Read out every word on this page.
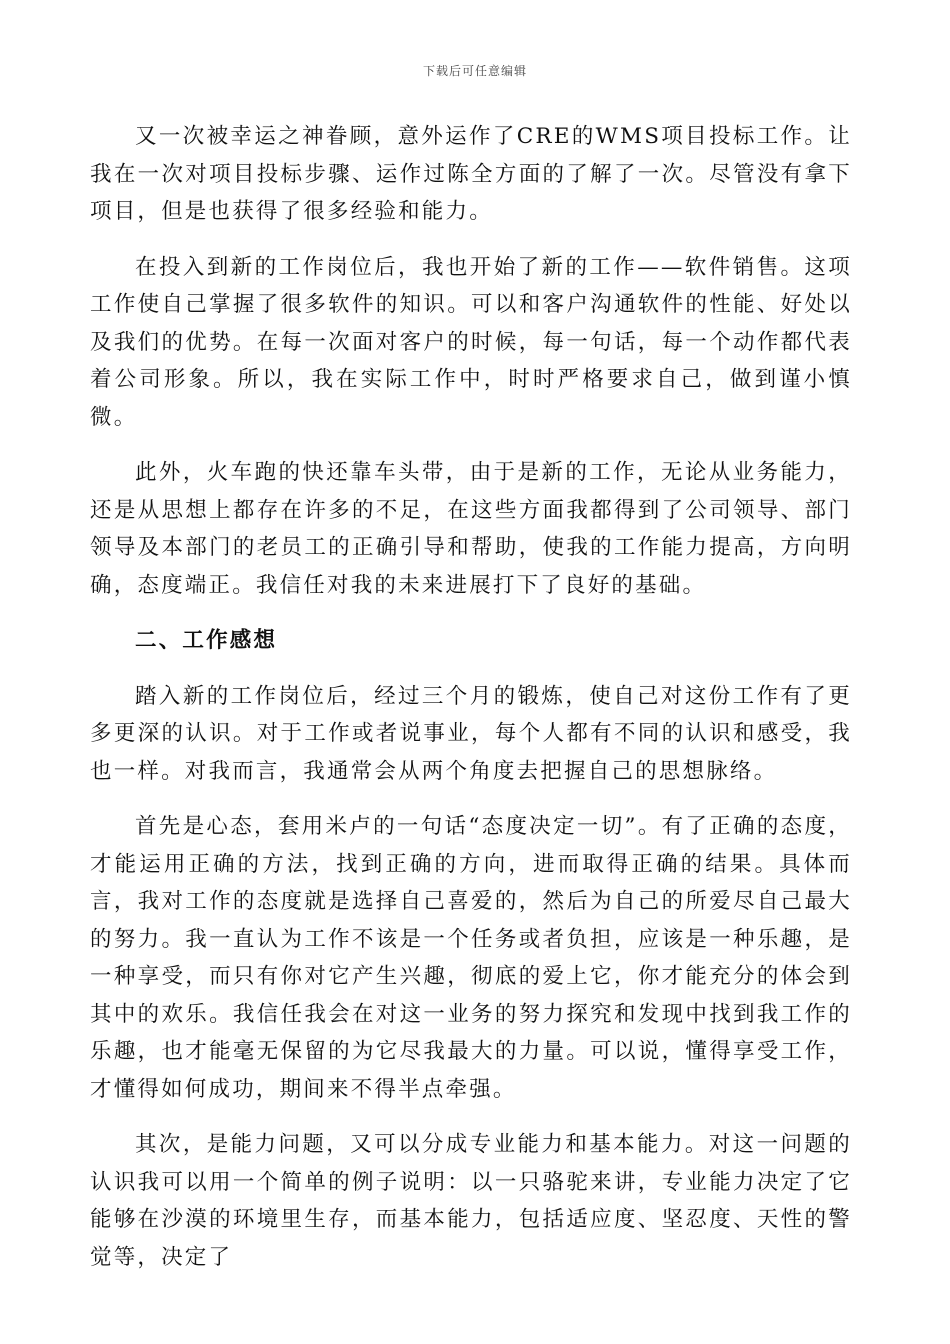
下载后可任意编辑

又一次被幸运之神眷顾，意外运作了CRE的WMS项目投标工作。让我在一次对项目投标步骤、运作过陈全方面的了解了一次。尽管没有拿下项目，但是也获得了很多经验和能力。

在投入到新的工作岗位后，我也开始了新的工作——软件销售。这项工作使自己掌握了很多软件的知识。可以和客户沟通软件的性能、好处以及我们的优势。在每一次面对客户的时候，每一句话，每一个动作都代表着公司形象。所以，我在实际工作中，时时严格要求自己，做到谨小慎微。

此外，火车跑的快还靠车头带，由于是新的工作，无论从业务能力，还是从思想上都存在许多的不足，在这些方面我都得到了公司领导、部门领导及本部门的老员工的正确引导和帮助，使我的工作能力提高，方向明确，态度端正。我信任对我的未来进展打下了良好的基础。

二、工作感想

踏入新的工作岗位后，经过三个月的锻炼，使自己对这份工作有了更多更深的认识。对于工作或者说事业，每个人都有不同的认识和感受，我也一样。对我而言，我通常会从两个角度去把握自己的思想脉络。

首先是心态，套用米卢的一句话“态度决定一切”。有了正确的态度，才能运用正确的方法，找到正确的方向，进而取得正确的结果。具体而言，我对工作的态度就是选择自己喜爱的，然后为自己的所爱尽自己最大的努力。我一直认为工作不该是一个任务或者负担，应该是一种乐趣，是一种享受，而只有你对它产生兴趣，彻底的爱上它，你才能充分的体会到其中的欢乐。我信任我会在对这一业务的努力探究和发现中找到我工作的乐趣，也才能毫无保留的为它尽我最大的力量。可以说，懂得享受工作，才懂得如何成功，期间来不得半点牵强。

其次，是能力问题，又可以分成专业能力和基本能力。对这一问题的认识我可以用一个简单的例子说明：以一只骆驼来讲，专业能力决定了它能够在沙漠的环境里生存，而基本能力，包括适应度、坚忍度、天性的警觉等，决定了
